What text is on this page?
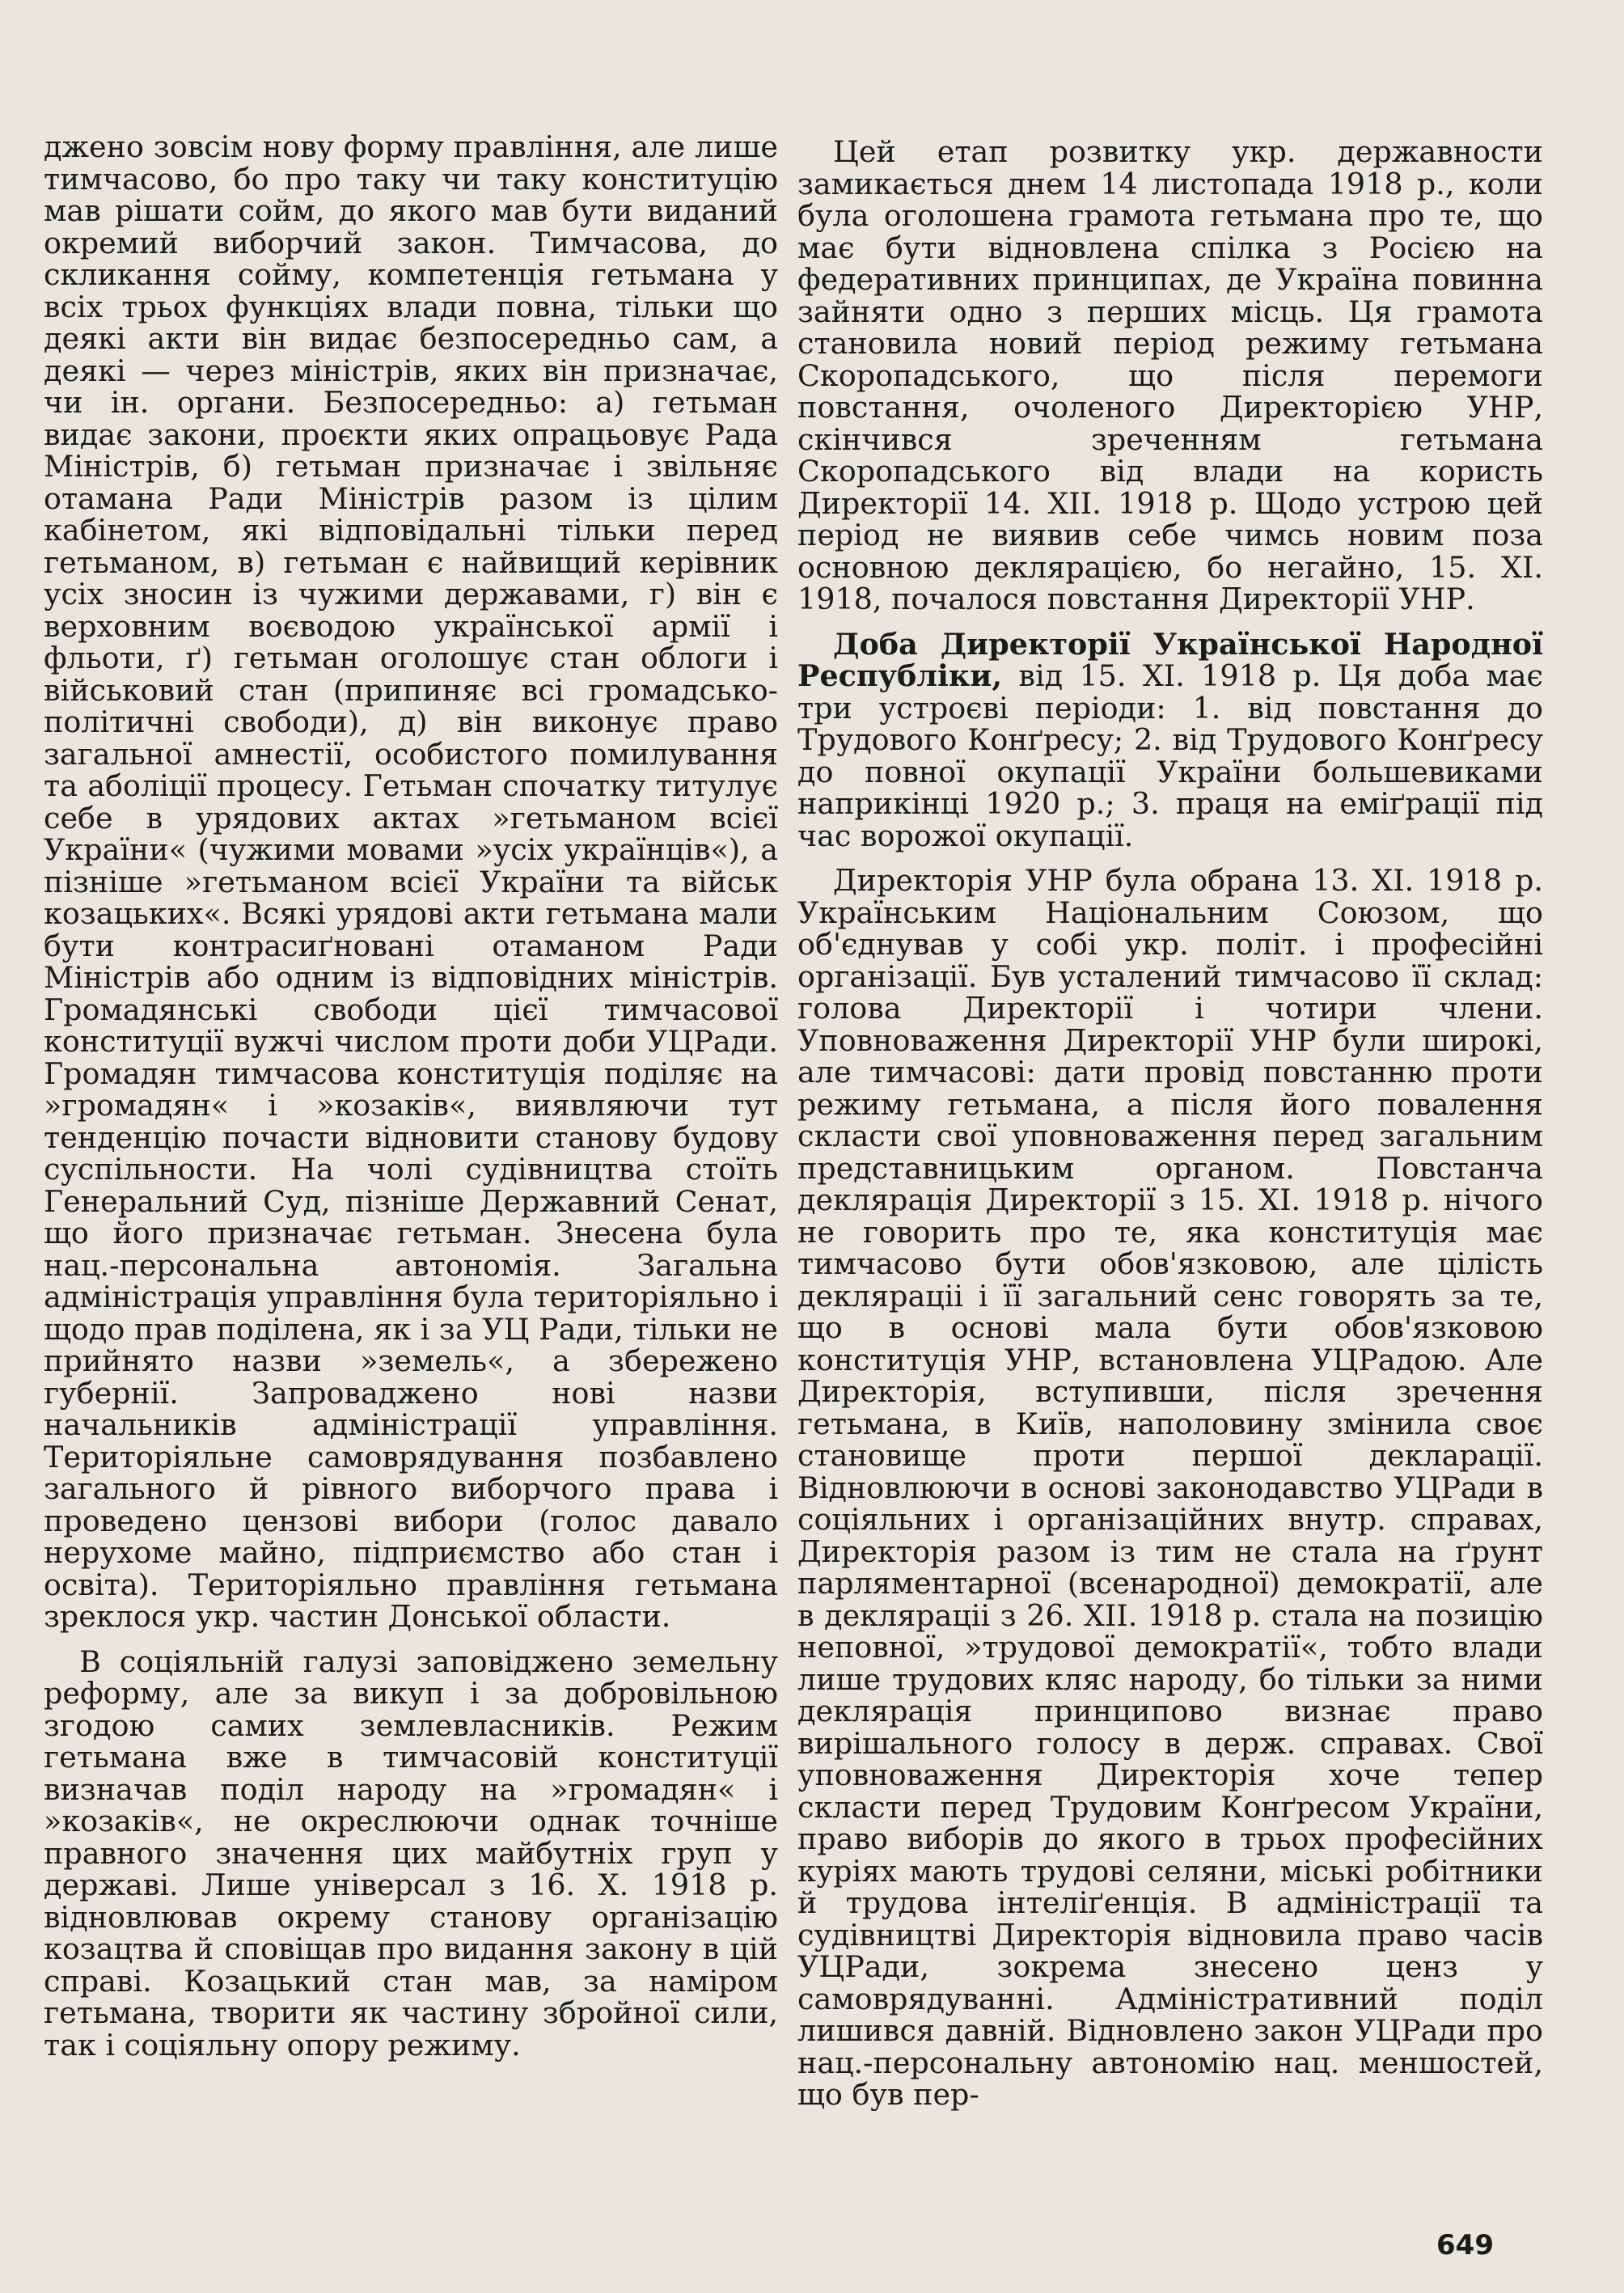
джено зовсім нову форму правління, але лише тимчасово, бо про таку чи таку конституцію мав рішати сойм, до якого мав бути виданий окремий виборчий закон. Тимчасова, до скликання сойму, компетенція гетьмана у всіх трьох функціях влади повна, тільки що деякі акти він видає безпосередньо сам, а деякі — через міністрів, яких він призначає, чи ін. органи. Безпосередньо: а) гетьман видає закони, проєкти яких опрацьовує Рада Міністрів, б) гетьман призначає і звільняє отамана Ради Міністрів разом із цілим кабінетом, які відповідальні тільки перед гетьманом, в) гетьман є найвищий керівник усіх зносин із чужими державами, г) він є верховним воєводою української армії і фльоти, ґ) гетьман оголошує стан облоги і військовий стан (припиняє всі громадсько-політичні свободи), д) він виконує право загальної амнестії, особистого помилування та аболіції процесу. Гетьман спочатку титулує себе в урядових актах »гетьманом всієї України« (чужими мовами »усіх українців«), а пізніше »гетьманом всієї України та військ козацьких«. Всякі урядові акти гетьмана мали бути контрасиґновані отаманом Ради Міністрів або одним із відповідних міністрів. Громадянські свободи цієї тимчасової конституції вужчі числом проти доби УЦРади. Громадян тимчасова конституція поділяє на »громадян« і »козаків«, виявляючи тут тенденцію почасти відновити станову будову суспільности. На чолі судівництва стоїть Генеральний Суд, пізніше Державний Сенат, що його призначає гетьман. Знесена була нац.-персональна автономія. Загальна адміністрація управління була територіяльно і щодо прав поділена, як і за УЦ Ради, тільки не прийнято назви »земель«, а збережено губернії. Запроваджено нові назви начальників адміністрації управління. Територіяльне самоврядування позбавлено загального й рівного виборчого права і проведено цензові вибори (голос давало нерухоме майно, підприємство або стан і освіта). Територіяльно правління гетьмана зреклося укр. частин Донської области.

В соціяльній галузі заповіджено земельну реформу, але за викуп і за добровільною згодою самих землевласників. Режим гетьмана вже в тимчасовій конституції визначав поділ народу на »громадян« і »козаків«, не окреслюючи однак точніше правного значення цих майбутніх груп у державі. Лише універсал з 16. X. 1918 р. відновлював окрему станову організацію козацтва й сповіщав про видання закону в цій справі. Козацький стан мав, за наміром гетьмана, творити як частину збройної сили, так і соціяльну опору режиму.

Цей етап розвитку укр. державности замикається днем 14 листопада 1918 р., коли була оголошена грамота гетьмана про те, що має бути відновлена спілка з Росією на федеративних принципах, де Україна повинна зайняти одно з перших місць. Ця грамота становила новий період режиму гетьмана Скоропадського, що після перемоги повстання, очоленого Директорією УНР, скінчився зреченням гетьмана Скоропадського від влади на користь Директорії 14. XII. 1918 р. Щодо устрою цей період не виявив себе чимсь новим поза основною деклярацією, бо негайно, 15. XI. 1918, почалося повстання Директорії УНР.

Доба Директорії Української Народної Республіки, від 15. XI. 1918 р. Ця доба має три устроєві періоди: 1. від повстання до Трудового Конґресу; 2. від Трудового Конґресу до повної окупації України большевиками наприкінці 1920 р.; 3. праця на еміґрації під час ворожої окупації.

Директорія УНР була обрана 13. XI. 1918 р. Українським Національним Союзом, що об'єднував у собі укр. політ. і професійні організації. Був усталений тимчасово її склад: голова Директорії і чотири члени. Уповноваження Директорії УНР були широкі, але тимчасові: дати провід повстанню проти режиму гетьмана, а після його повалення скласти свої уповноваження перед загальним представницьким органом. Повстанча деклярація Директорії з 15. XI. 1918 р. нічого не говорить про те, яка конституція має тимчасово бути обов'язковою, але цілість декляраціі і її загальний сенс говорять за те, що в основі мала бути обов'язковою конституція УНР, встановлена УЦРадою. Але Директорія, вступивши, після зречення гетьмана, в Київ, наполовину змінила своє становище проти першої декларації. Відновлюючи в основі законодавство УЦРади в соціяльних і організаційних внутр. справах, Директорія разом із тим не стала на ґрунт парляментарної (всенародної) демократії, але в декляраціі з 26. XII. 1918 р. стала на позицію неповної, »трудової демократії«, тобто влади лише трудових кляс народу, бо тільки за ними деклярація принципово визнає право вирішального голосу в держ. справах. Свої уповноваження Директорія хоче тепер скласти перед Трудовим Конґресом України, право виборів до якого в трьох професійних куріях мають трудові селяни, міські робітники й трудова інтеліґенція. В адміністрації та судівництві Директорія відновила право часів УЦРади, зокрема знесено ценз у самоврядуванні. Адміністративний поділ лишився давній. Відновлено закон УЦРади про нац.-персональну автономію нац. меншостей, що був пер-

649
